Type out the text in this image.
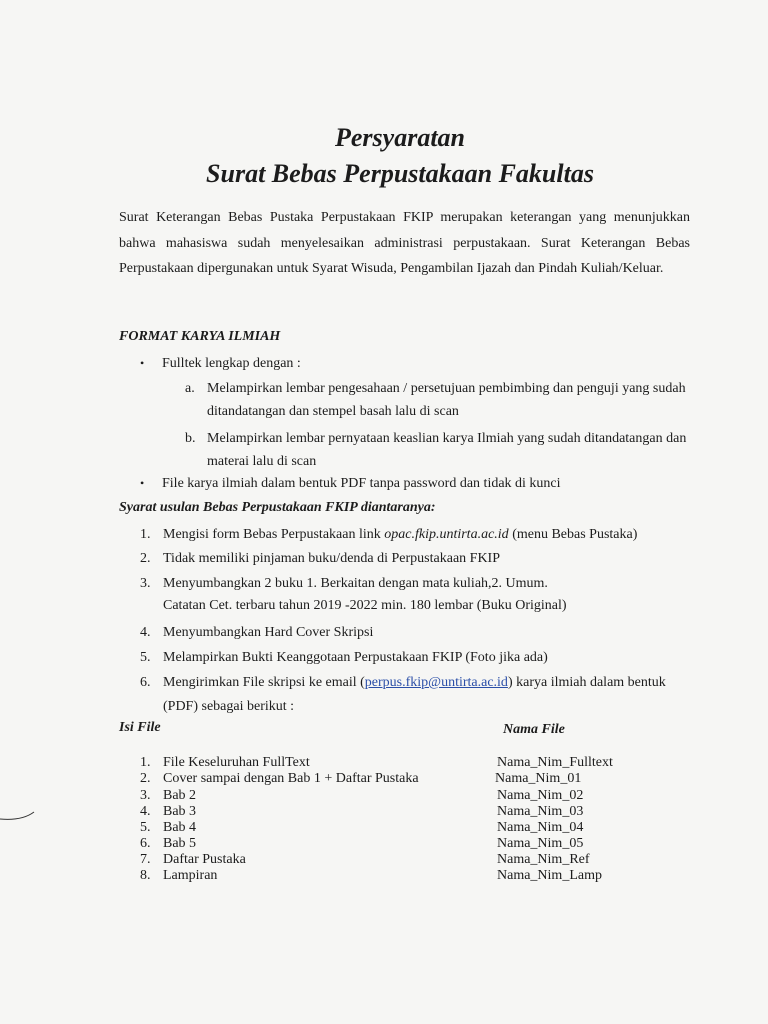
Persyaratan
Surat Bebas Perpustakaan Fakultas
Surat Keterangan Bebas Pustaka Perpustakaan FKIP merupakan keterangan yang menunjukkan bahwa mahasiswa sudah menyelesaikan administrasi perpustakaan. Surat Keterangan Bebas Perpustakaan dipergunakan untuk Syarat Wisuda, Pengambilan Ijazah dan Pindah Kuliah/Keluar.
FORMAT KARYA ILMIAH
• Fulltek lengkap dengan :
a. Melampirkan lembar pengesahaan / persetujuan pembimbing dan penguji yang sudah ditandatangan dan stempel basah lalu di scan
b. Melampirkan lembar pernyataan keaslian karya Ilmiah yang sudah ditandatangan dan materai lalu di scan
• File karya ilmiah dalam bentuk PDF tanpa password dan tidak di kunci
Syarat usulan Bebas Perpustakaan FKIP diantaranya:
1. Mengisi form Bebas Perpustakaan link opac.fkip.untirta.ac.id (menu Bebas Pustaka)
2. Tidak memiliki pinjaman buku/denda di Perpustakaan FKIP
3. Menyumbangkan 2 buku 1. Berkaitan dengan mata kuliah,2. Umum.
Catatan Cet. terbaru tahun 2019 -2022 min. 180 lembar (Buku Original)
4. Menyumbangkan Hard Cover Skripsi
5. Melampirkan Bukti Keanggotaan Perpustakaan FKIP (Foto jika ada)
6. Mengirimkan File skripsi ke email (perpus.fkip@untirta.ac.id) karya ilmiah dalam bentuk (PDF) sebagai berikut :
Isi File	Nama File
1. File Keseluruhan FullText	Nama_Nim_Fulltext
2. Cover sampai dengan Bab 1 + Daftar Pustaka	Nama_Nim_01
3. Bab 2	Nama_Nim_02
4. Bab 3	Nama_Nim_03
5. Bab 4	Nama_Nim_04
6. Bab 5	Nama_Nim_05
7. Daftar Pustaka	Nama_Nim_Ref
8. Lampiran	Nama_Nim_Lamp
